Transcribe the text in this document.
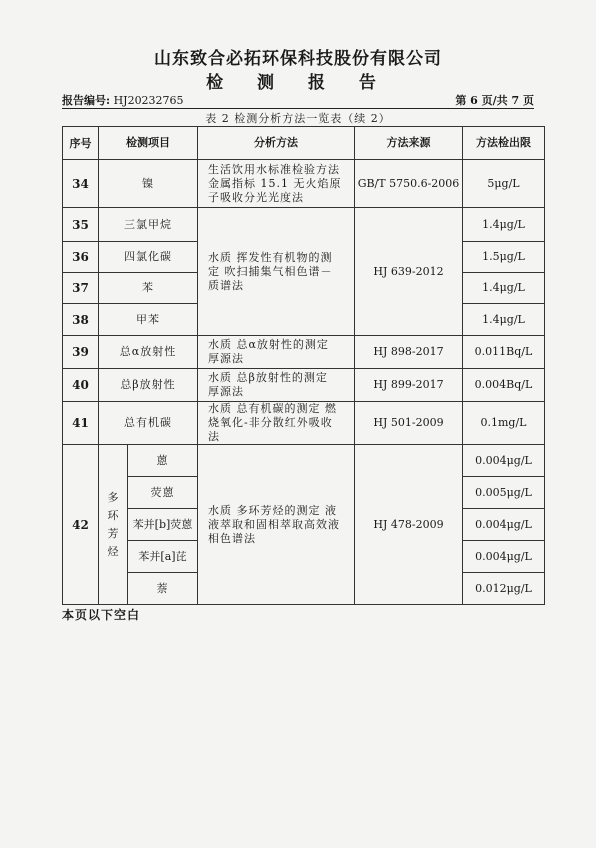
山东致合必拓环保科技股份有限公司
检 测 报 告
报告编号: HJ20232765	第 6 页/共 7 页
表 2 检测分析方法一览表（续 2）
序号	检测项目		分析方法	方法来源	方法检出限
34	镍		生活饮用水标准检验方法 金属指标 15.1 无火焰原子吸收分光光度法	GB/T 5750.6-2006	5μg/L
35	三氯甲烷		水质 挥发性有机物的测定 吹扫捕集气相色谱－质谱法	HJ 639-2012	1.4μg/L
36	四氯化碳				1.5μg/L
37	苯				1.4μg/L
38	甲苯				1.4μg/L
39	总α放射性		水质 总α放射性的测定 厚源法	HJ 898-2017	0.011Bq/L
40	总β放射性		水质 总β放射性的测定 厚源法	HJ 899-2017	0.004Bq/L
41	总有机碳		水质 总有机碳的测定 燃烧氧化-非分散红外吸收法	HJ 501-2009	0.1mg/L
42	多环芳烃	蒽	水质 多环芳烃的测定 液液萃取和固相萃取高效液相色谱法	HJ 478-2009	0.004μg/L
		荧蒽			0.005μg/L
		苯并[b]荧蒽			0.004μg/L
		苯并[a]芘			0.004μg/L
		萘			0.012μg/L
本页以下空白
